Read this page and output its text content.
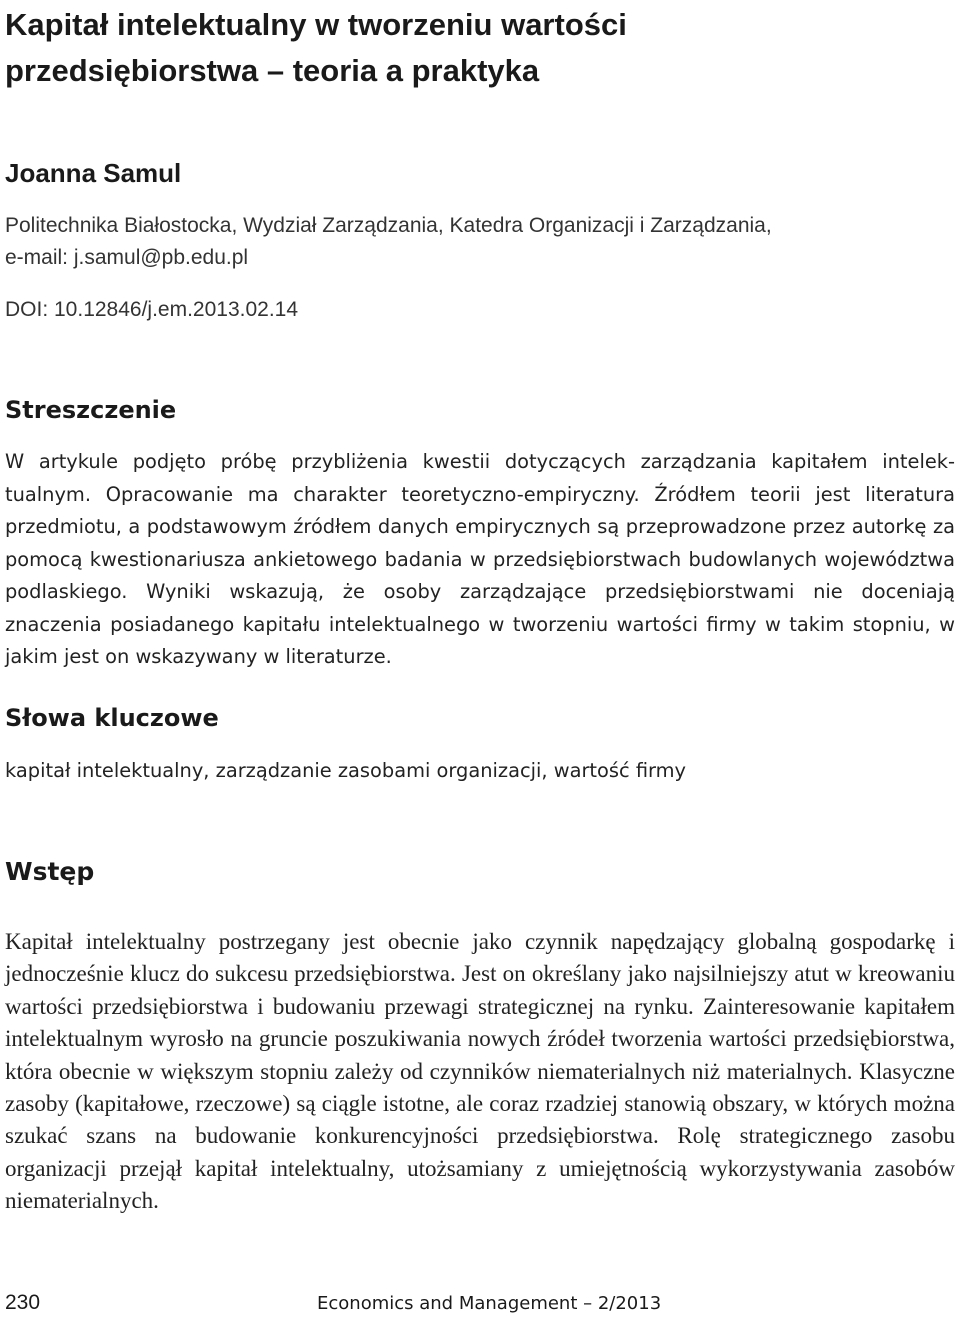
Kapitał intelektualny w tworzeniu wartości
przedsiębiorstwa – teoria a praktyka

Joanna Samul

Politechnika Białostocka, Wydział Zarządzania, Katedra Organizacji i Zarządzania,
e-mail: j.samul@pb.edu.pl

DOI: 10.12846/j.em.2013.02.14

Streszczenie

W artykule podjęto próbę przybliżenia kwestii dotyczących zarządzania kapitałem intelektualnym. Opracowanie ma charakter teoretyczno-empiryczny. Źródłem teorii jest literatura przedmiotu, a podstawowym źródłem danych empirycznych są przeprowadzone przez autorkę za pomocą kwestionariusza ankietowego badania w przedsiębiorstwach budowlanych województwa podlaskiego. Wyniki wskazują, że osoby zarządzające przedsiębiorstwami nie doceniają znaczenia posiadanego kapitału intelektualnego w tworzeniu wartości firmy w takim stopniu, w jakim jest on wskazywany w literaturze.

Słowa kluczowe

kapitał intelektualny, zarządzanie zasobami organizacji, wartość firmy

Wstęp

Kapitał intelektualny postrzegany jest obecnie jako czynnik napędzający globalną gospodarkę i jednocześnie klucz do sukcesu przedsiębiorstwa. Jest on określany jako najsilniejszy atut w kreowaniu wartości przedsiębiorstwa i budowaniu przewagi strategicznej na rynku. Zainteresowanie kapitałem intelektualnym wyrosło na gruncie poszukiwania nowych źródeł tworzenia wartości przedsiębiorstwa, która obecnie w większym stopniu zależy od czynników niematerialnych niż materialnych. Klasyczne zasoby (kapitałowe, rzeczowe) są ciągle istotne, ale coraz rzadziej stanowią obszary, w których można szukać szans na budowanie konkurencyjności przedsiębiorstwa. Rolę strategicznego zasobu organizacji przejął kapitał intelektualny, utożsamiany z umiejętnością wykorzystywania zasobów niematerialnych.

230	Economics and Management – 2/2013
